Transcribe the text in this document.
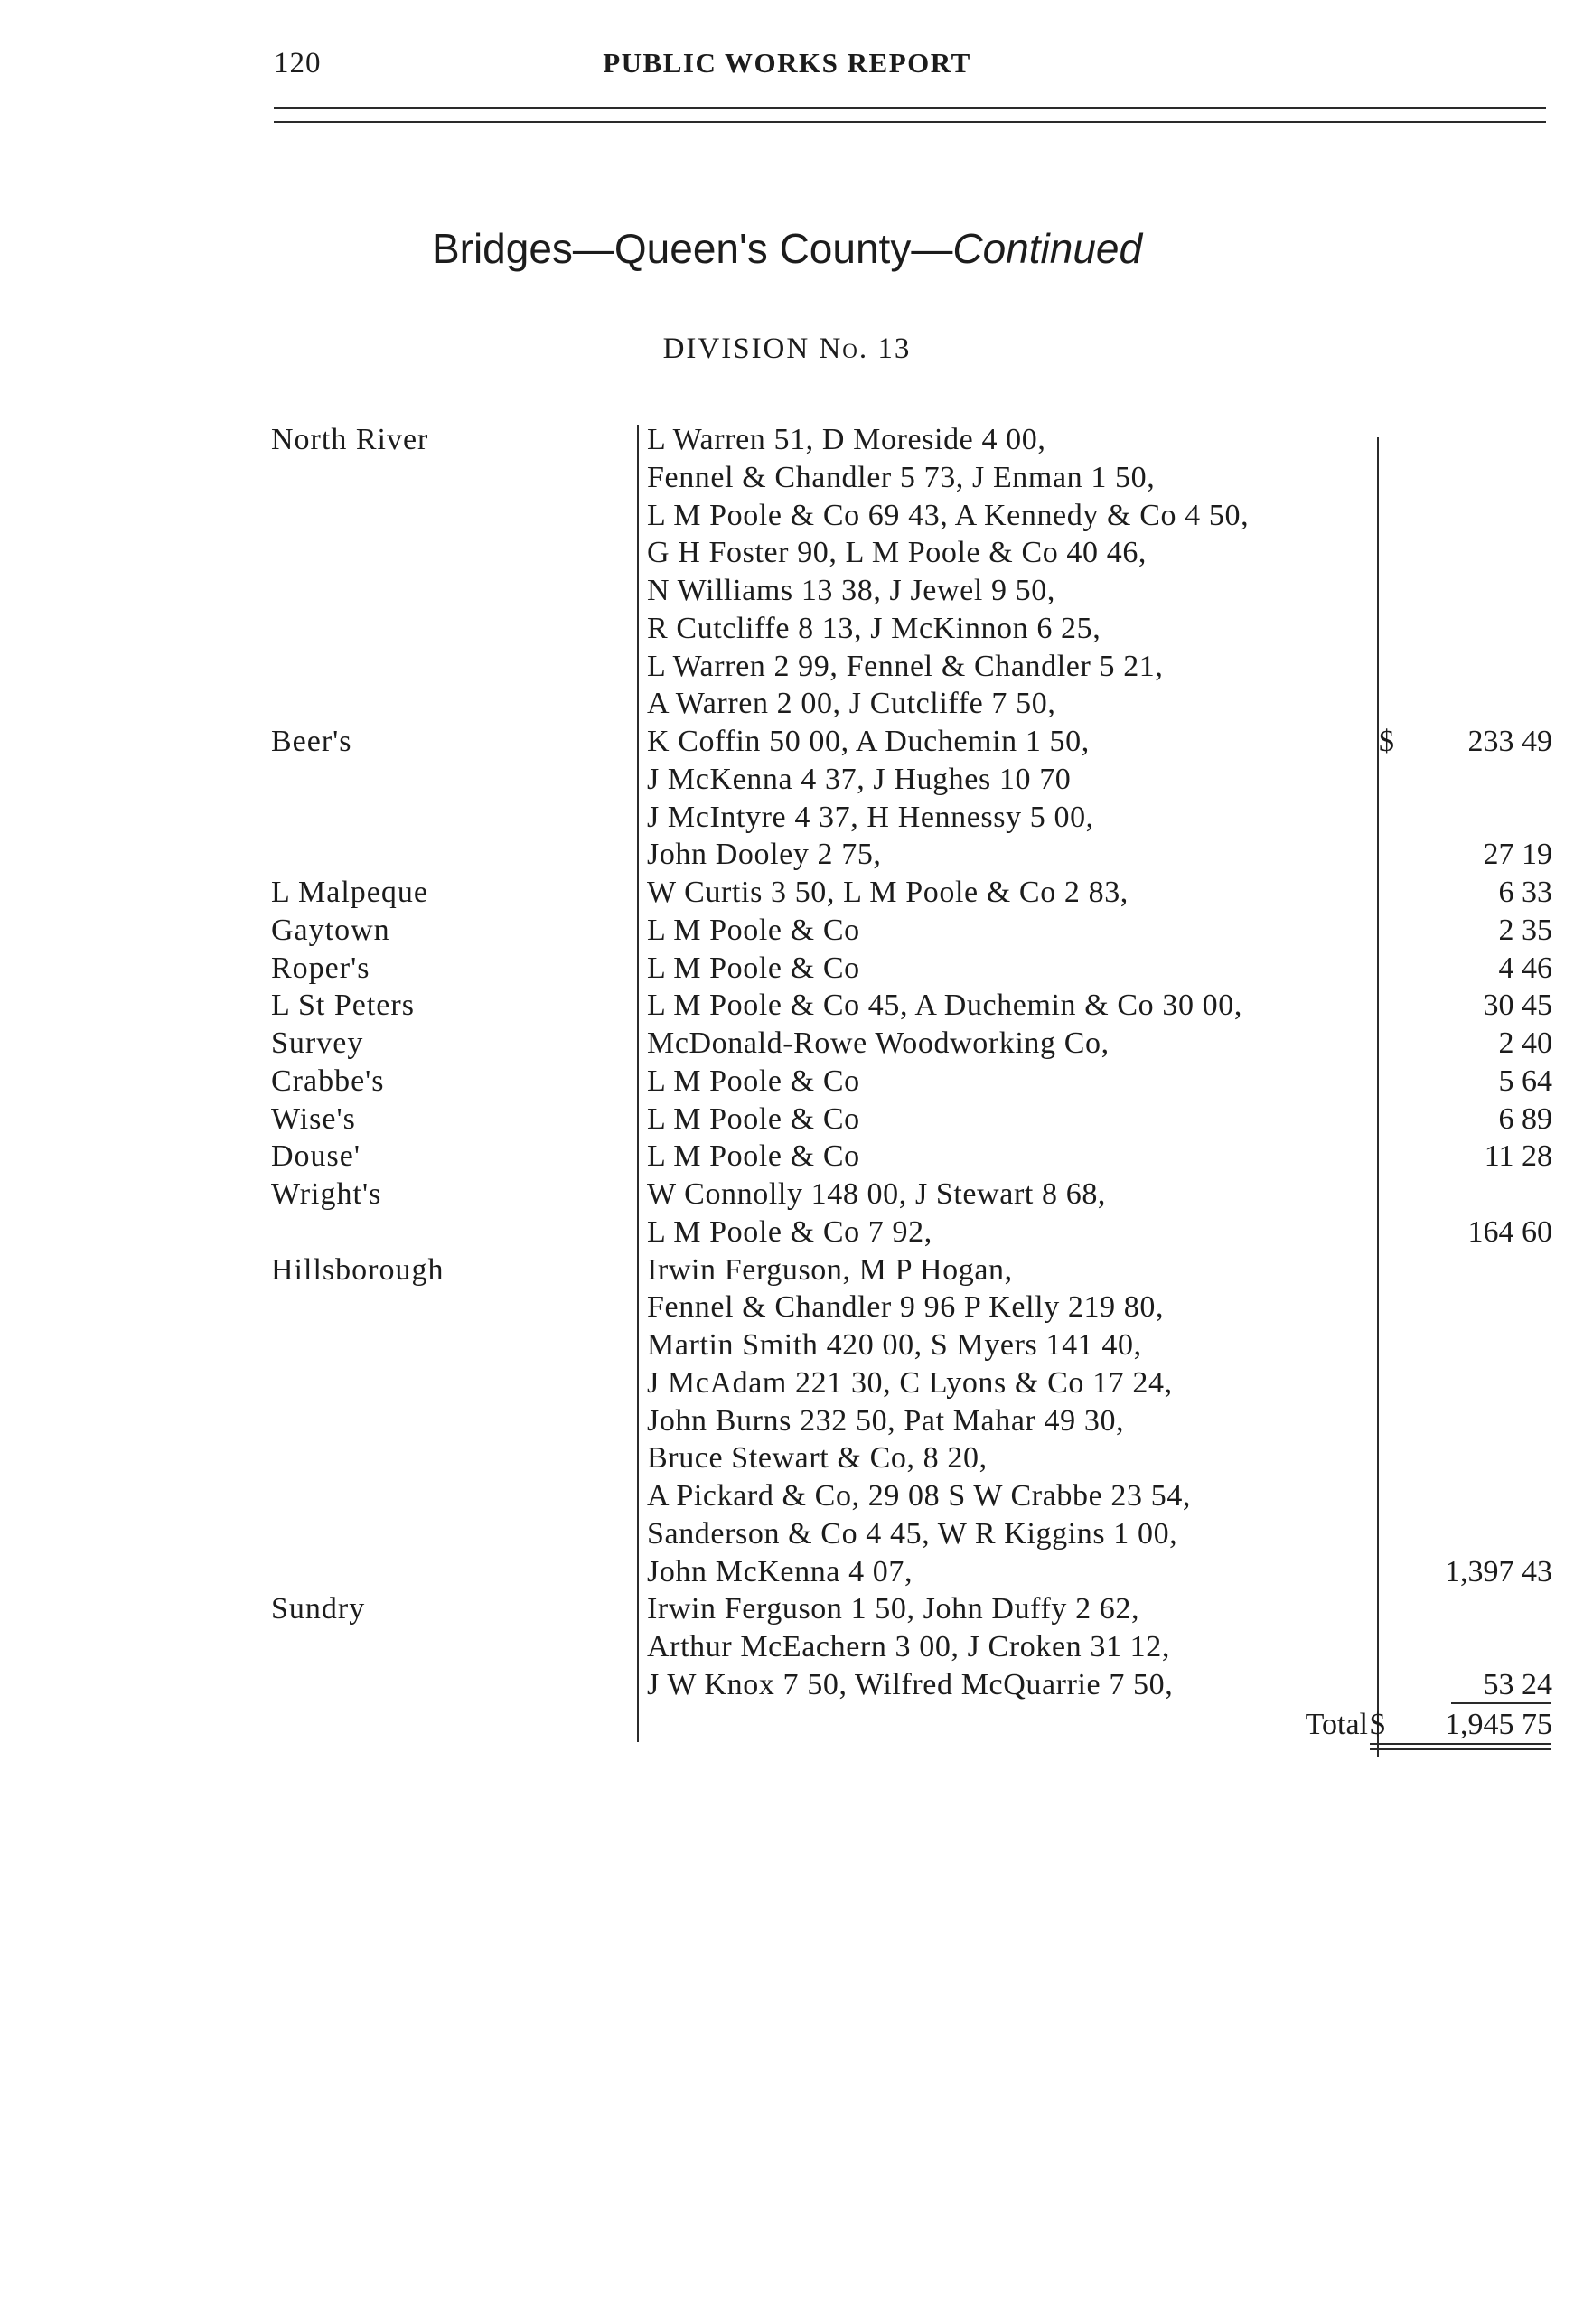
120	PUBLIC WORKS REPORT
Bridges—Queen's County—Continued
DIVISION No. 13
North River	L Warren 51, D Moreside 4 00,
Fennel & Chandler 5 73, J Enman 1 50,
L M Poole & Co 69 43, A Kennedy & Co 4 50,
G H Foster 90, L M Poole & Co 40 46,
N Williams 13 38, J Jewel 9 50,
R Cutcliffe 8 13, J McKinnon 6 25,
L Warren 2 99, Fennel & Chandler 5 21,
A Warren 2 00, J Cutcliffe 7 50,
Beer's	K Coffin 50 00, A Duchemin 1 50,	233 49
$
J McKenna 4 37, J Hughes 10 70
J McIntyre 4 37, H Hennessy 5 00,
John Dooley 2 75,	27 19
L Malpeque	W Curtis 3 50, L M Poole & Co 2 83,	6 33
Gaytown	L M Poole & Co	2 35
Roper's	L M Poole & Co	4 46
L St Peters	L M Poole & Co 45, A Duchemin & Co 30 00,	30 45
Survey	McDonald-Rowe Woodworking Co,	2 40
Crabbe's	L M Poole & Co	5 64
Wise's	L M Poole & Co	6 89
Douse'	L M Poole & Co	11 28
Wright's	W Connolly 148 00, J Stewart 8 68,
L M Poole & Co 7 92,	164 60
Hillsborough	Irwin Ferguson, M P Hogan,
Fennel & Chandler 9 96 P Kelly 219 80,
Martin Smith 420 00, S Myers 141 40,
J McAdam 221 30, C Lyons & Co 17 24,
John Burns 232 50, Pat Mahar 49 30,
Bruce Stewart & Co, 8 20,
A Pickard & Co, 29 08 S W Crabbe 23 54,
Sanderson & Co 4 45, W R Kiggins 1 00,
John McKenna 4 07,	1,397 43
Sundry	Irwin Ferguson 1 50, John Duffy 2 62,
Arthur McEachern 3 00, J Croken 31 12,
J W Knox 7 50, Wilfred McQuarrie 7 50,	53 24
Total $ 1,945 75
